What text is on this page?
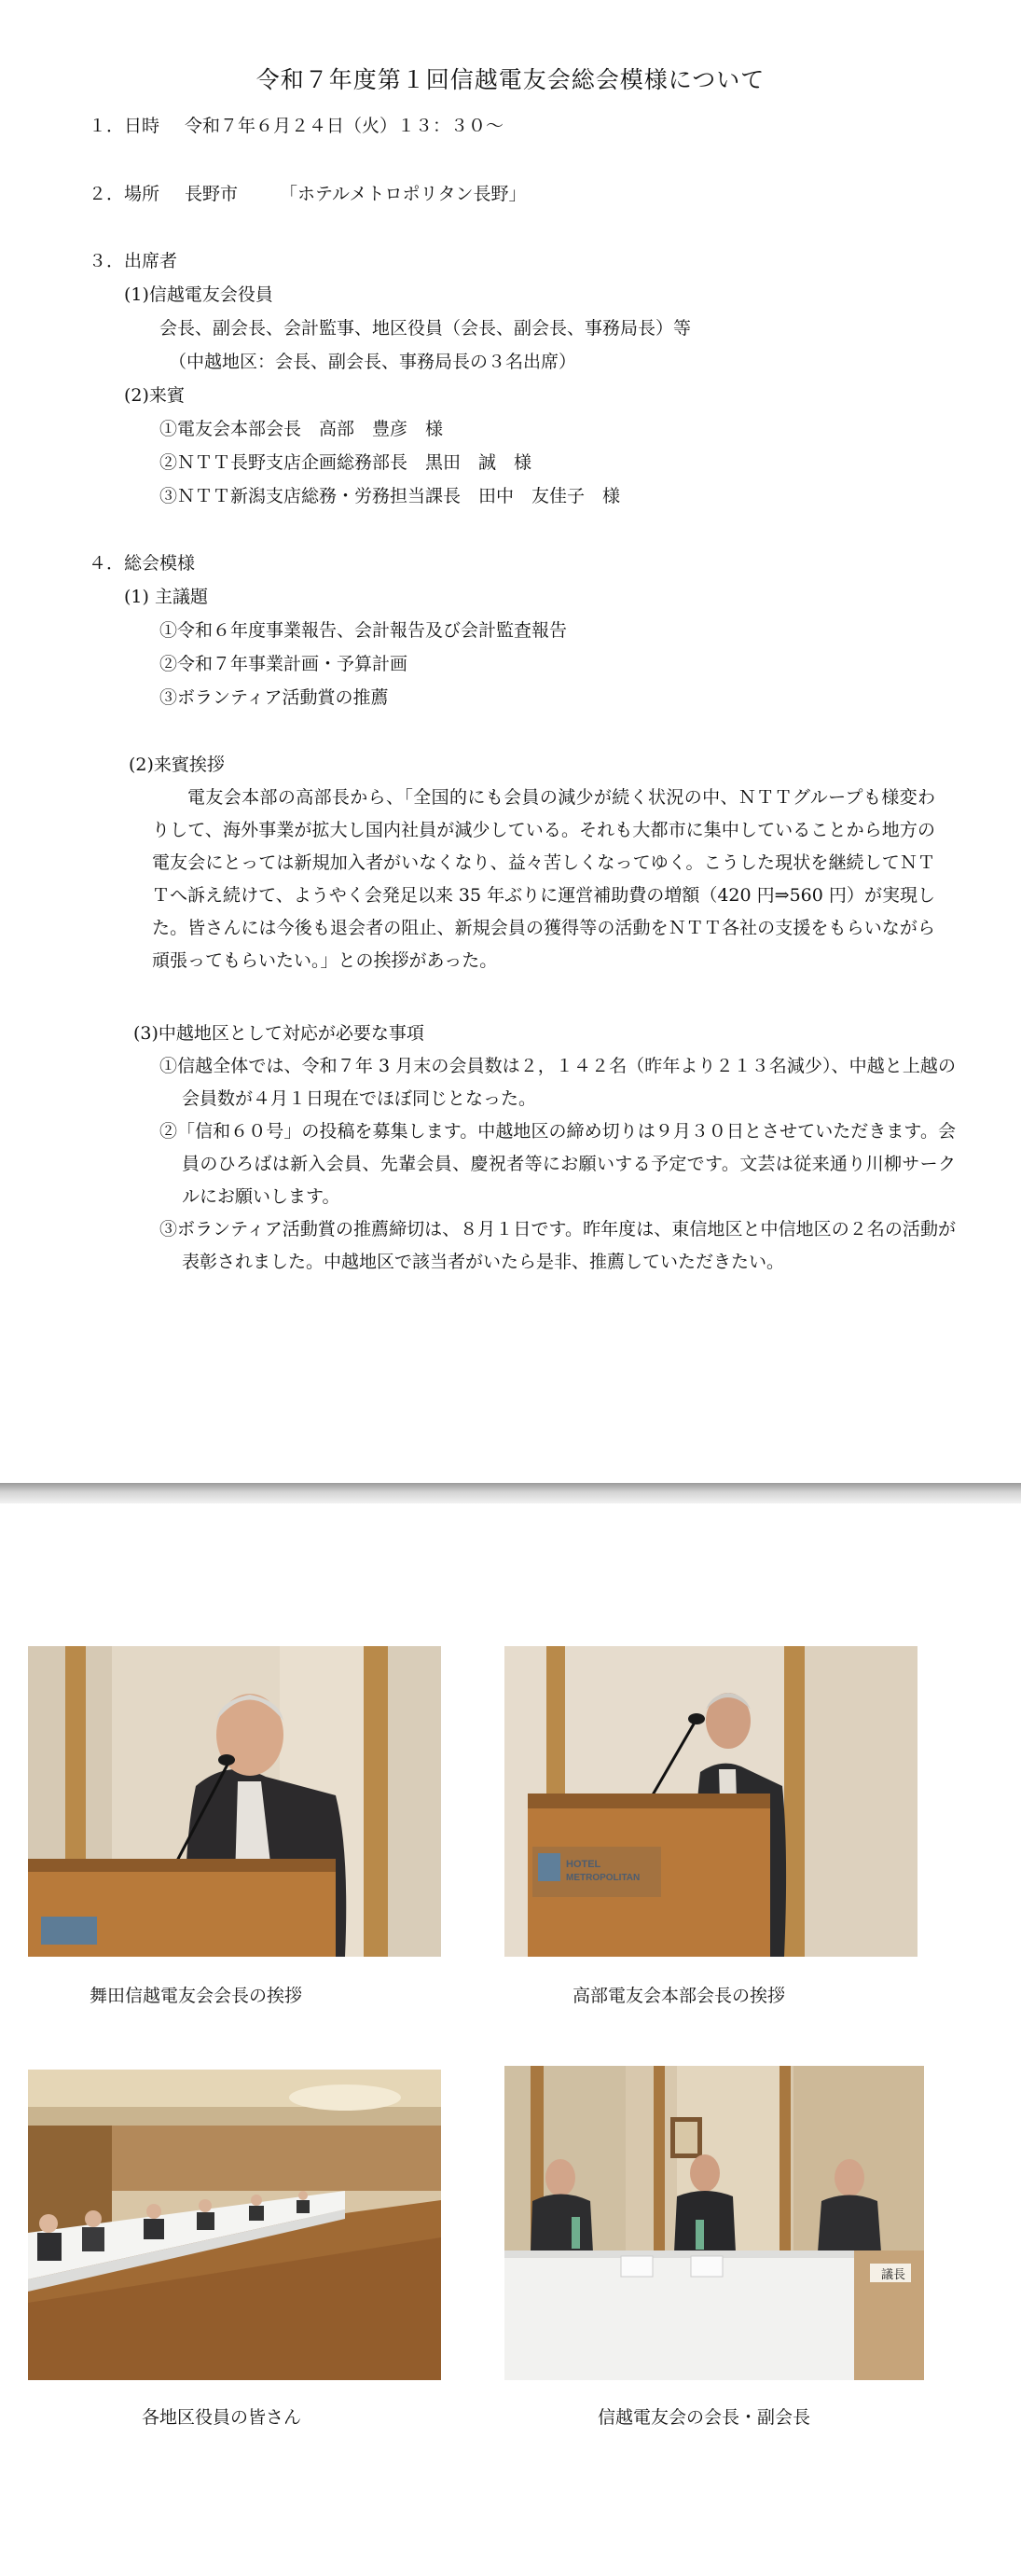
令和７年度第１回信越電友会総会模様について
１．日時 令和７年６月２４日（火）１３：３０～
２．場所 長野市 「ホテルメトロポリタン長野」
３．出席者
(1)信越電友会役員
会長、副会長、会計監事、地区役員（会長、副会長、事務局長）等
（中越地区：会長、副会長、事務局長の３名出席）
(2)来賓
①電友会本部会長　高部　豊彦　様
②ＮＴＴ長野支店企画総務部長　黒田　誠　様
③ＮＴＴ新潟支店総務・労務担当課長　田中　友佳子　様
４．総会模様
(1) 主議題
①令和６年度事業報告、会計報告及び会計監査報告
②令和７年事業計画・予算計画
③ボランティア活動賞の推薦
(2)来賓挨拶
電友会本部の高部長から、「全国的にも会員の減少が続く状況の中、ＮＴＴグループも様変わりして、海外事業が拡大し国内社員が減少している。それも大都市に集中していることから地方の電友会にとっては新規加入者がいなくなり、益々苦しくなってゆく。こうした現状を継続してＮＴＴへ訴え続けて、ようやく会発足以来 35 年ぶりに運営補助費の増額（420 円⇒560 円）が実現した。皆さんには今後も退会者の阻止、新規会員の獲得等の活動をＮＴＴ各社の支援をもらいながら頑張ってもらいたい。」との挨拶があった。
(3)中越地区として対応が必要な事項
①信越全体では、令和７年 3 月末の会員数は２，１４２名（昨年より２１３名減少）、中越と上越の会員数が４月１日現在でほぼ同じとなった。
②「信和６０号」の投稿を募集します。中越地区の締め切りは９月３０日とさせていただきます。会員のひろばは新入会員、先輩会員、慶祝者等にお願いする予定です。文芸は従来通り川柳サークルにお願いします。
③ボランティア活動賞の推薦締切は、８月１日です。昨年度は、東信地区と中信地区の２名の活動が表彰されました。中越地区で該当者がいたら是非、推薦していただきたい。
HOTEL
METROPOLITAN
舞田信越電友会会長の挨拶	高部電友会本部会長の挨拶
議長
各地区役員の皆さん	信越電友会の会長・副会長
